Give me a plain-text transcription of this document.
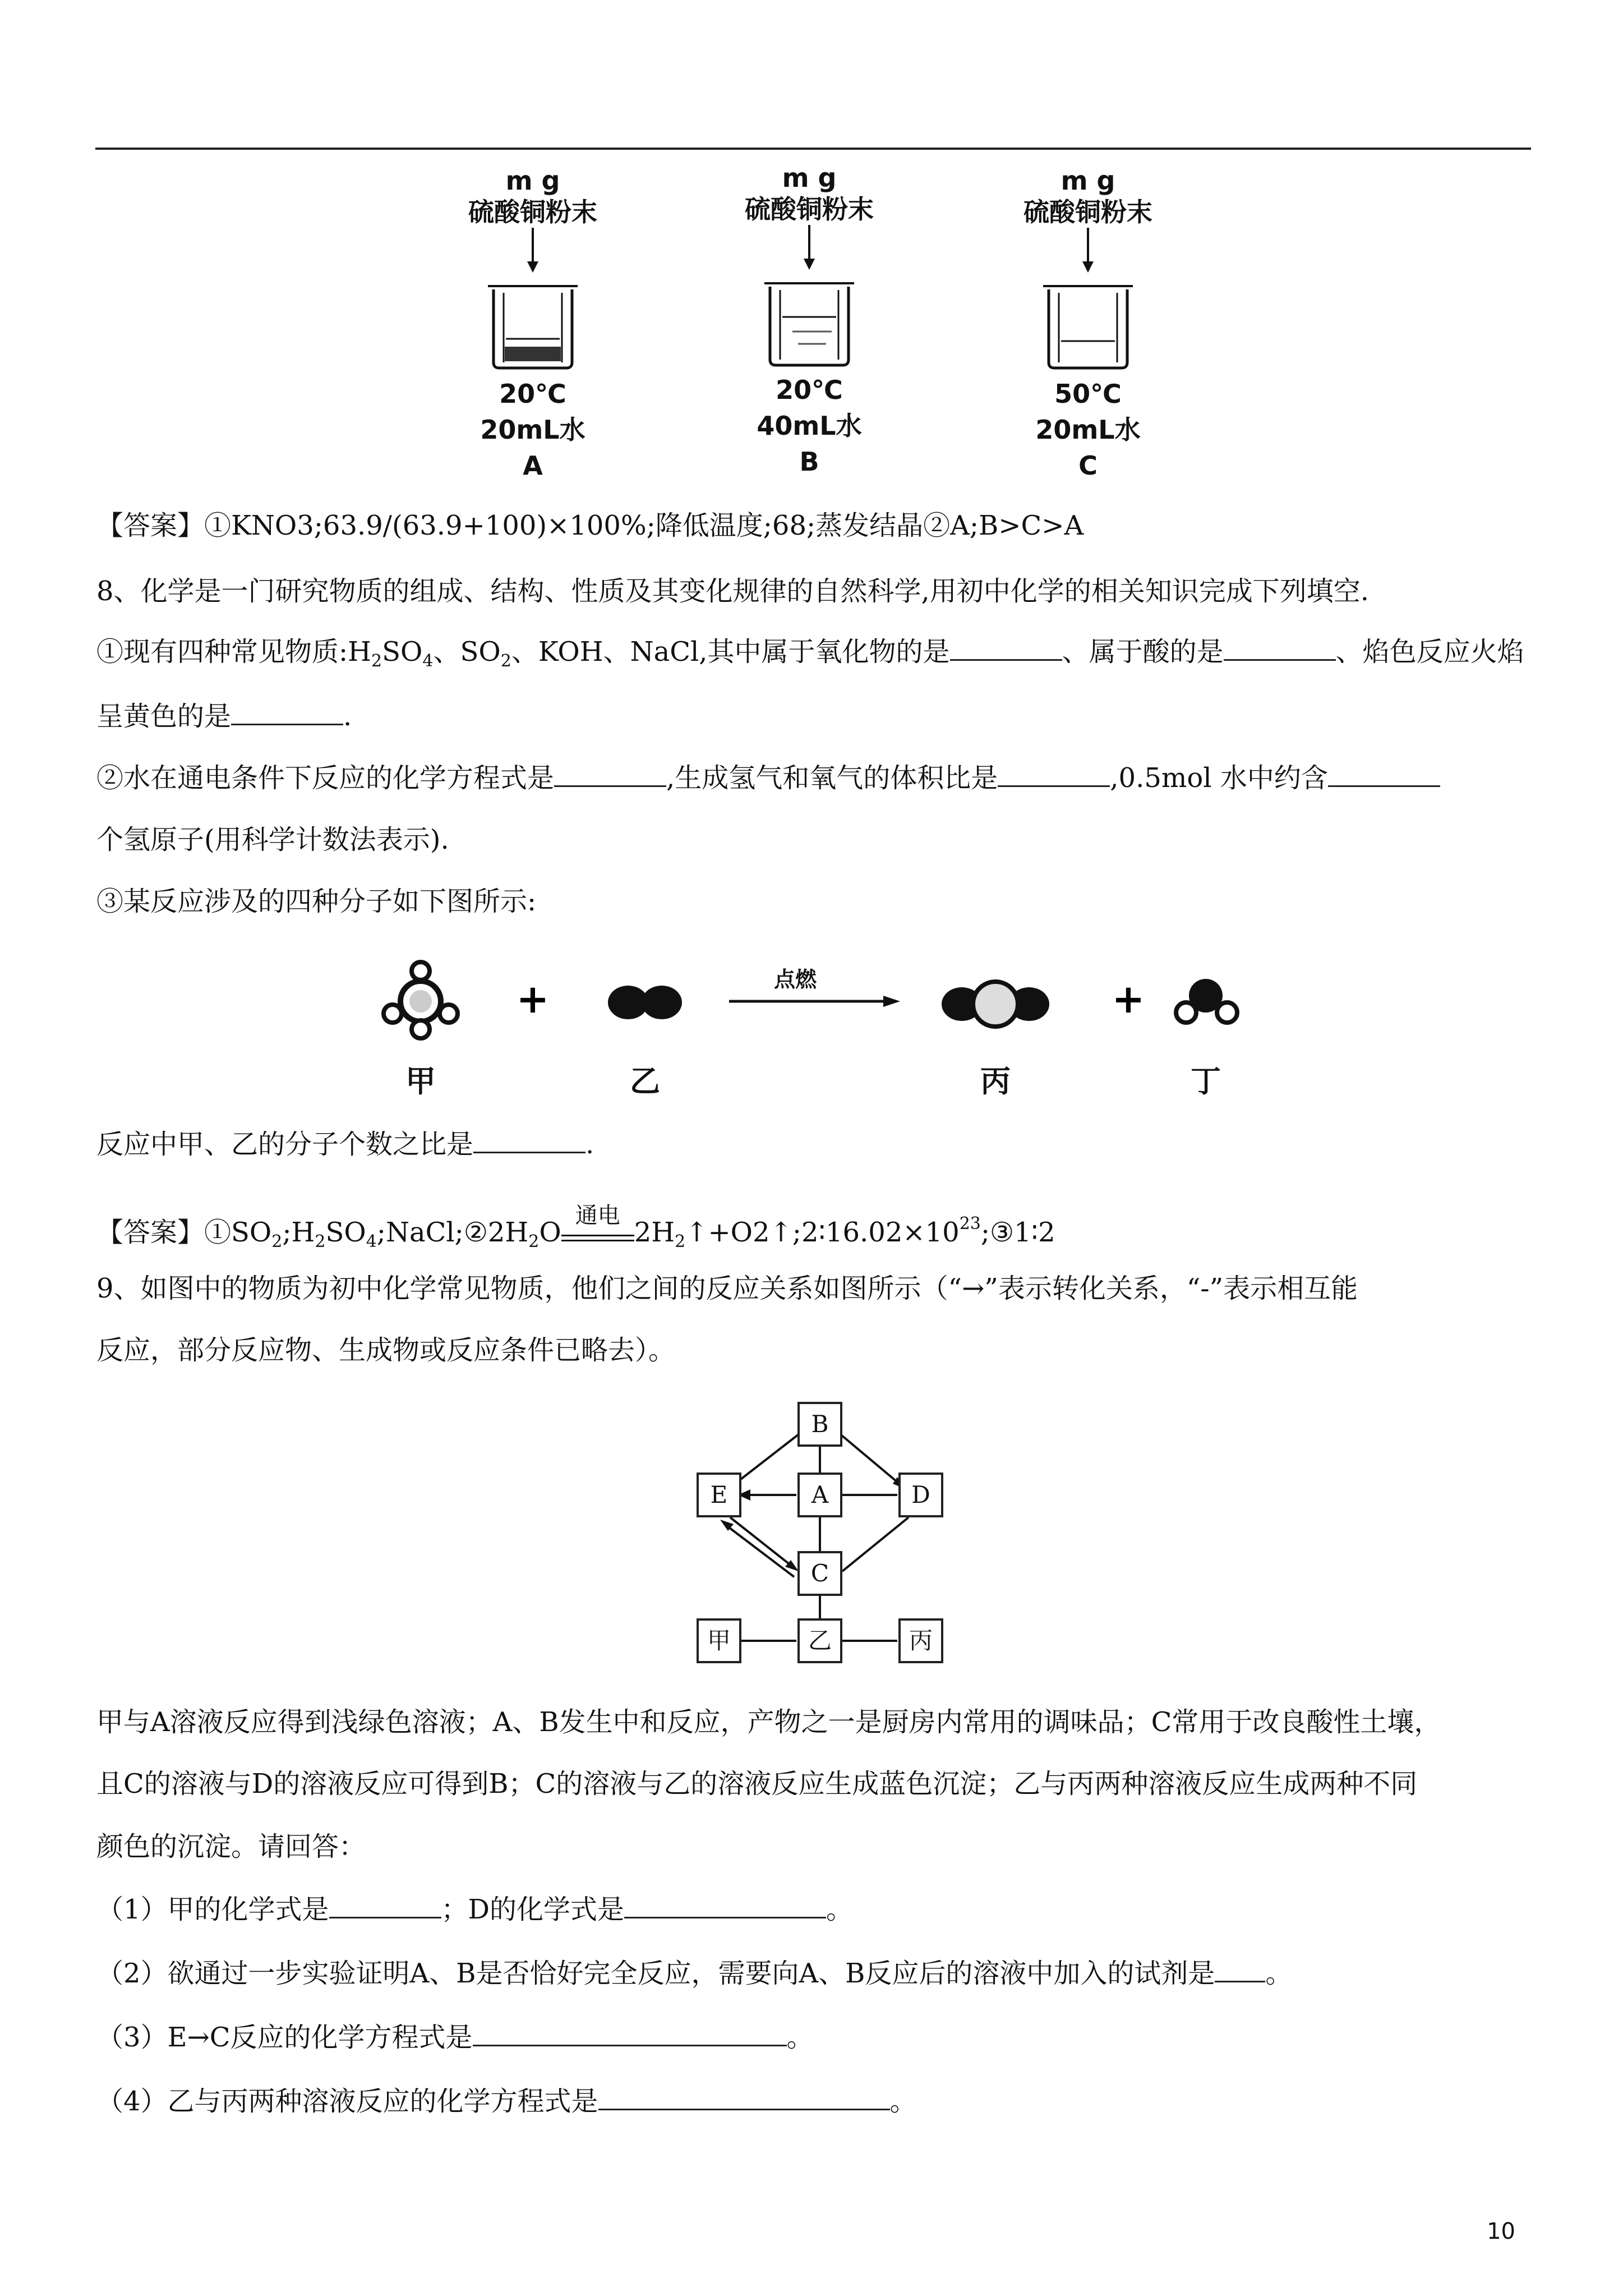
m g
硫酸铜粉末
20℃
20mL水
A
m g
硫酸铜粉末
20℃
40mL水
B
m g
硫酸铜粉末
50℃
20mL水
C
【答案】①KNO3;63.9/(63.9+100)×100%;降低温度;68;蒸发结晶②A;B>C>A
8、化学是一门研究物质的组成、结构、性质及其变化规律的自然科学,用初中化学的相关知识完成下列填空.
①现有四种常见物质$:H_2SO_4$、$SO_2$、KOH、NaCl,其中属于氧化物的是	、属于酸的是	、焰色反应火焰
呈黄色的是	.
②水在通电条件下反应的化学方程式是	,生成氢气和氧气的体积比是	,0.5mol 水中约含
个氢原子(用科学计数法表示).
③某反应涉及的四种分子如下图所示:
+	+
点燃
甲	乙	丙	丁
反应中甲、乙的分子个数之比是	.
【答案】$①SO_2;H_2SO_4;NaCl;②2H_2O$
通电
$2H_2↑+O2↑;2∶16.02\times 10^{23};③1∶2$
9、如图中的物质为初中化学常见物质，他们之间的反应关系如图所示（“→”表示转化关系，“-”表示相互能
反应，部分反应物、生成物或反应条件已略去）。
B
E	A	D
C
甲	乙	丙
甲与A溶液反应得到浅绿色溶液；A、B发生中和反应，产物之一是厨房内常用的调味品；C常用于改良酸性土壤，
且C的溶液与D的溶液反应可得到B；C的溶液与乙的溶液反应生成蓝色沉淀；乙与丙两种溶液反应生成两种不同
颜色的沉淀。请回答：
（1）甲的化学式是	；D的化学式是	。
（2）欲通过一步实验证明A、B是否恰好完全反应，需要向A、B反应后的溶液中加入的试剂是 。
（3）E→C反应的化学方程式是	。
（4）乙与丙两种溶液反应的化学方程式是	。
10
